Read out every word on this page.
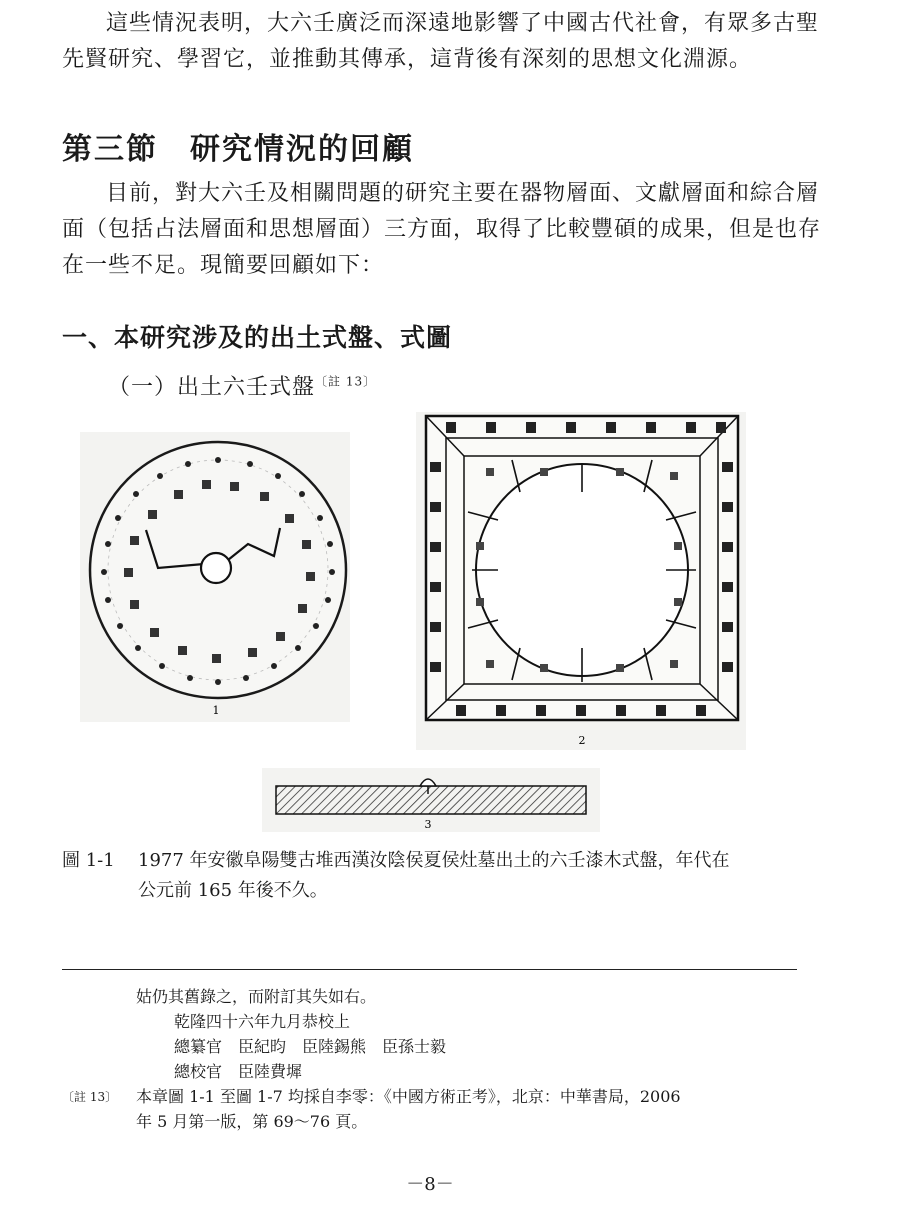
這些情況表明，大六壬廣泛而深遠地影響了中國古代社會，有眾多古聖
先賢研究、學習它，並推動其傳承，這背後有深刻的思想文化淵源。
第三節　研究情況的回顧
目前，對大六壬及相關問題的研究主要在器物層面、文獻層面和綜合層
面（包括占法層面和思想層面）三方面，取得了比較豐碩的成果，但是也存
在一些不足。現簡要回顧如下：
一、本研究涉及的出土式盤、式圖
（一）出土六壬式盤$^{〔註 13〕}$
1
2
3
圖 1-1 1977 年安徽阜陽雙古堆西漢汝陰侯夏侯灶墓出土的六壬漆木式盤，年代在
公元前 165 年後不久。
姑仍其舊錄之，而附訂其失如右。
乾隆四十六年九月恭校上
總纂官　臣紀昀　臣陸錫熊　臣孫士毅
總校官　臣陸費墀
〔註 13〕 本章圖 1-1 至圖 1-7 均採自李零：《中國方術正考》，北京：中華書局，2006
年 5 月第一版，第 69～76 頁。
－8－
